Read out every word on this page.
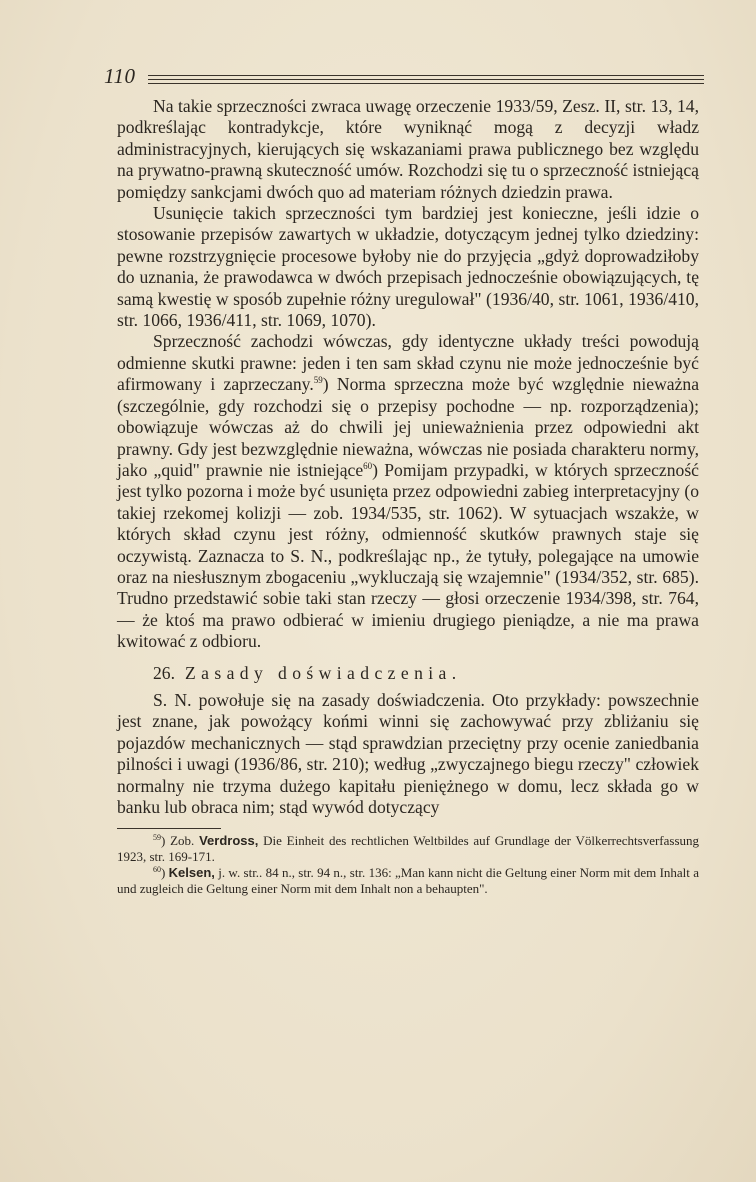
110

Na takie sprzeczności zwraca uwagę orzeczenie 1933/59, Zesz. II, str. 13, 14, podkreślając kontradykcje, które wyniknąć mogą z decyzji władz administracyjnych, kierujących się wskazaniami prawa publicznego bez względu na prywatno-prawną skuteczność umów. Rozchodzi się tu o sprzeczność istniejącą pomiędzy sankcjami dwóch quo ad materiam różnych dziedzin prawa.

Usunięcie takich sprzeczności tym bardziej jest konieczne, jeśli idzie o stosowanie przepisów zawartych w układzie, dotyczącym jednej tylko dziedziny: pewne rozstrzygnięcie procesowe byłoby nie do przyjęcia „gdyż doprowadziłoby do uznania, że prawodawca w dwóch przepisach jednocześnie obowiązujących, tę samą kwestię w sposób zupełnie różny uregulował" (1936/40, str. 1061, 1936/410, str. 1066, 1936/411, str. 1069, 1070).

Sprzeczność zachodzi wówczas, gdy identyczne układy treści powodują odmienne skutki prawne: jeden i ten sam skład czynu nie może jednocześnie być afirmowany i zaprzeczany.$^{59}$) Norma sprzeczna może być względnie nieważna (szczególnie, gdy rozchodzi się o przepisy pochodne — np. rozporządzenia); obowiązuje wówczas aż do chwili jej unieważnienia przez odpowiedni akt prawny. Gdy jest bezwzględnie nieważna, wówczas nie posiada charakteru normy, jako „quid" prawnie nie istniejące$^{60}$) Pomijam przypadki, w których sprzeczność jest tylko pozorna i może być usunięta przez odpowiedni zabieg interpretacyjny (o takiej rzekomej kolizji — zob. 1934/535, str. 1062). W sytuacjach wszakże, w których skład czynu jest różny, odmienność skutków prawnych staje się oczywistą. Zaznacza to S. N., podkreślając np., że tytuły, polegające na umowie oraz na niesłusznym zbogaceniu „wykluczają się wzajemnie" (1934/352, str. 685). Trudno przedstawić sobie taki stan rzeczy — głosi orzeczenie 1934/398, str. 764, — że ktoś ma prawo odbierać w imieniu drugiego pieniądze, a nie ma prawa kwitować z odbioru.

26. Zasady doświadczenia.

S. N. powołuje się na zasady doświadczenia. Oto przykłady: powszechnie jest znane, jak powożący końmi winni się zachowywać przy zbliżaniu się pojazdów mechanicznych — stąd sprawdzian przeciętny przy ocenie zaniedbania pilności i uwagi (1936/86, str. 210); według „zwyczajnego biegu rzeczy" człowiek normalny nie trzyma dużego kapitału pieniężnego w domu, lecz składa go w banku lub obraca nim; stąd wywód dotyczący

$^{59}$) Zob. Verdross, Die Einheit des rechtlichen Weltbildes auf Grundlage der Völkerrechtsverfassung 1923, str. 169-171.

$^{60}$) Kelsen, j. w. str.. 84 n., str. 94 n., str. 136: „Man kann nicht die Geltung einer Norm mit dem Inhalt a und zugleich die Geltung einer Norm mit dem Inhalt non a behaupten".
